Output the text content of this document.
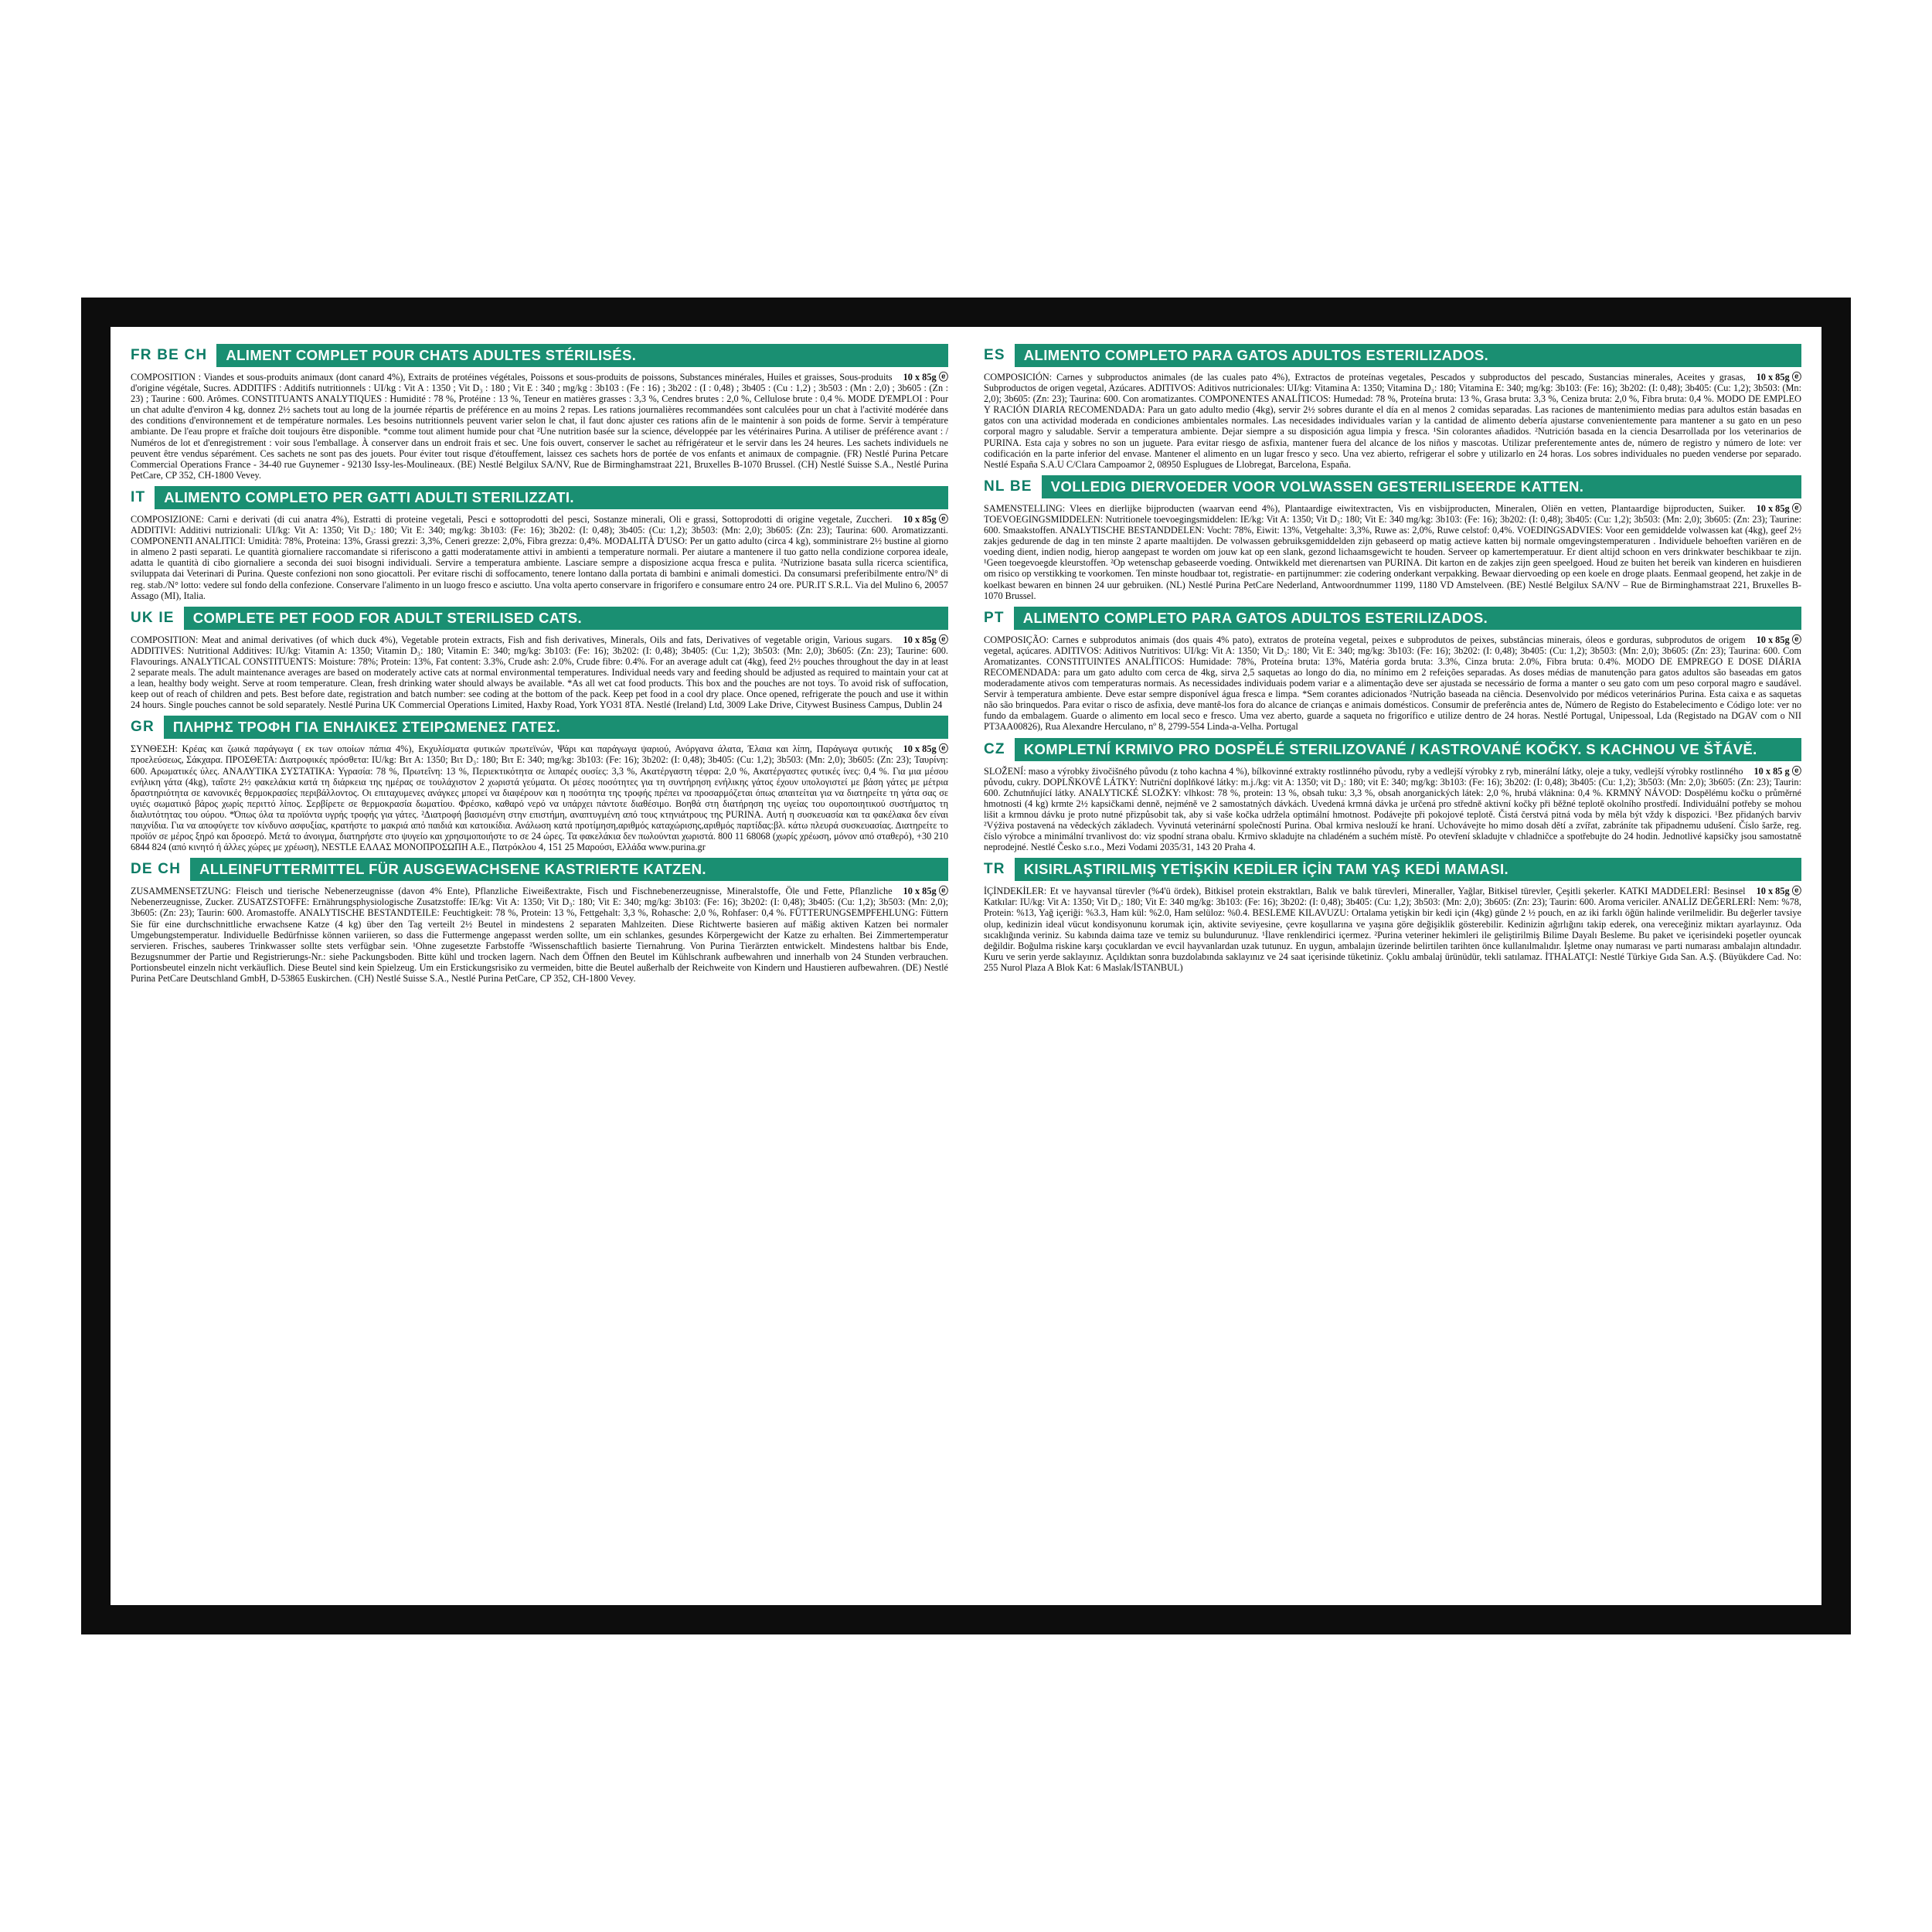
FR BE CH	ALIMENT COMPLET POUR CHATS ADULTES STÉRILISÉS.
10 x 85g ⓔ
COMPOSITION : Viandes et sous-produits animaux (dont canard 4%), Extraits de protéines végétales, Poissons et sous-produits de poissons, Substances minérales, Huiles et graisses, Sous-produits d'origine végétale, Sucres. ADDITIFS : Additifs nutritionnels : UI/kg : Vit A : 1350 ; Vit D₃ : 180 ; Vit E : 340 ; mg/kg : 3b103 : (Fe : 16) ; 3b202 : (I : 0,48) ; 3b405 : (Cu : 1,2) ; 3b503 : (Mn : 2,0) ; 3b605 : (Zn : 23) ; Taurine : 600. Arômes. CONSTITUANTS ANALYTIQUES : Humidité : 78 %, Protéine : 13 %, Teneur en matières grasses : 3,3 %, Cendres brutes : 2,0 %, Cellulose brute : 0,4 %. MODE D'EMPLOI : Pour un chat adulte d'environ 4 kg, donnez 2½ sachets tout au long de la journée répartis de préférence en au moins 2 repas. Les rations journalières recommandées sont calculées pour un chat à l'activité modérée dans des conditions d'environnement et de température normales. Les besoins nutritionnels peuvent varier selon le chat, il faut donc ajuster ces rations afin de le maintenir à son poids de forme. Servir à température ambiante. De l'eau propre et fraîche doit toujours être disponible. *comme tout aliment humide pour chat ²Une nutrition basée sur la science, développée par les vétérinaires Purina. A utiliser de préférence avant : / Numéros de lot et d'enregistrement : voir sous l'emballage. À conserver dans un endroit frais et sec. Une fois ouvert, conserver le sachet au réfrigérateur et le servir dans les 24 heures. Les sachets individuels ne peuvent être vendus séparément. Ces sachets ne sont pas des jouets. Pour éviter tout risque d'étouffement, laissez ces sachets hors de portée de vos enfants et animaux de compagnie. (FR) Nestlé Purina Petcare Commercial Operations France - 34-40 rue Guynemer - 92130 Issy-les-Moulineaux. (BE) Nestlé Belgilux SA/NV, Rue de Birminghamstraat 221, Bruxelles B-1070 Brussel. (CH) Nestlé Suisse S.A., Nestlé Purina PetCare, CP 352, CH-1800 Vevey.
IT	ALIMENTO COMPLETO PER GATTI ADULTI STERILIZZATI.
10 x 85g ⓔ
COMPOSIZIONE: Carni e derivati (di cui anatra 4%), Estratti di proteine vegetali, Pesci e sottoprodotti del pesci, Sostanze minerali, Oli e grassi, Sottoprodotti di origine vegetale, Zuccheri. ADDITIVI: Additivi nutrizionali: UI/kg: Vit A: 1350; Vit D₃: 180; Vit E: 340; mg/kg: 3b103: (Fe: 16); 3b202: (I: 0,48); 3b405: (Cu: 1,2); 3b503: (Mn: 2,0); 3b605: (Zn: 23); Taurina: 600. Aromatizzanti. COMPONENTI ANALITICI: Umidità: 78%, Proteina: 13%, Grassi grezzi: 3,3%, Ceneri grezze: 2,0%, Fibra grezza: 0,4%. MODALITÀ D'USO: Per un gatto adulto (circa 4 kg), somministrare 2½ bustine al giorno in almeno 2 pasti separati. Le quantità giornaliere raccomandate si riferiscono a gatti moderatamente attivi in ambienti a temperature normali. Per aiutare a mantenere il tuo gatto nella condizione corporea ideale, adatta le quantità di cibo giornaliere a seconda dei suoi bisogni individuali. Servire a temperatura ambiente. Lasciare sempre a disposizione acqua fresca e pulita. ²Nutrizione basata sulla ricerca scientifica, sviluppata dai Veterinari di Purina. Queste confezioni non sono giocattoli. Per evitare rischi di soffocamento, tenere lontano dalla portata di bambini e animali domestici. Da consumarsi preferibilmente entro/N° di reg. stab./N° lotto: vedere sul fondo della confezione. Conservare l'alimento in un luogo fresco e asciutto. Una volta aperto conservare in frigorifero e consumare entro 24 ore. PUR.IT S.R.L. Via del Mulino 6, 20057 Assago (MI), Italia.
UK IE	COMPLETE PET FOOD FOR ADULT STERILISED CATS.
10 x 85g ⓔ
COMPOSITION: Meat and animal derivatives (of which duck 4%), Vegetable protein extracts, Fish and fish derivatives, Minerals, Oils and fats, Derivatives of vegetable origin, Various sugars. ADDITIVES: Nutritional Additives: IU/kg: Vitamin A: 1350; Vitamin D₃: 180; Vitamin E: 340; mg/kg: 3b103: (Fe: 16); 3b202: (I: 0,48); 3b405: (Cu: 1,2); 3b503: (Mn: 2,0); 3b605: (Zn: 23); Taurine: 600. Flavourings. ANALYTICAL CONSTITUENTS: Moisture: 78%; Protein: 13%, Fat content: 3.3%, Crude ash: 2.0%, Crude fibre: 0.4%. For an average adult cat (4kg), feed 2½ pouches throughout the day in at least 2 separate meals. The adult maintenance averages are based on moderately active cats at normal environmental temperatures. Individual needs vary and feeding should be adjusted as required to maintain your cat at a lean, healthy body weight. Serve at room temperature. Clean, fresh drinking water should always be available. *As all wet cat food products. This box and the pouches are not toys. To avoid risk of suffocation, keep out of reach of children and pets. Best before date, registration and batch number: see coding at the bottom of the pack. Keep pet food in a cool dry place. Once opened, refrigerate the pouch and use it within 24 hours. Single pouches cannot be sold separately. Nestlé Purina UK Commercial Operations Limited, Haxby Road, York YO31 8TA. Nestlé (Ireland) Ltd, 3009 Lake Drive, Citywest Business Campus, Dublin 24
GR	ΠΛΗΡΗΣ ΤΡΟΦΗ ΓΙΑ ΕΝΗΛΙΚΕΣ ΣΤΕΙΡΩΜΕΝΕΣ ΓΑΤΕΣ.
10 x 85g ⓔ
ΣΥΝΘΕΣΗ: Κρέας και ζωικά παράγωγα ( εκ των οποίων πάπια 4%), Εκχυλίσματα φυτικών πρωτεϊνών, Ψάρι και παράγωγα ψαριού, Ανόργανα άλατα, Έλαια και λίπη, Παράγωγα φυτικής προελεύσεως, Σάκχαρα. ΠΡΟΣΘΕΤΑ: Διατροφικές πρόσθετα: IU/kg: Βιτ Α: 1350; Βιτ D₃: 180; Βιτ Ε: 340; mg/kg: 3b103: (Fe: 16); 3b202: (I: 0,48); 3b405: (Cu: 1,2); 3b503: (Mn: 2,0); 3b605: (Zn: 23); Ταυρίνη: 600. Αρωματικές ύλες. ΑΝΑΛΥΤΙΚΑ ΣΥΣΤΑΤΙΚΑ: Υγρασία: 78 %, Πρωτεΐνη: 13 %, Περιεκτικότητα σε λιπαρές ουσίες: 3,3 %, Ακατέργαστη τέφρα: 2,0 %, Ακατέργαστες φυτικές ίνες: 0,4 %. Για μια μέσου ενήλικη γάτα (4kg), ταΐστε 2½ φακελάκια κατά τη διάρκεια της ημέρας σε τουλάχιστον 2 χωριστά γεύματα. Οι μέσες ποσότητες για τη συντήρηση ενήλικης γάτος έχουν υπολογιστεί με βάση γάτες με μέτρια δραστηριότητα σε κανονικές θερμοκρασίες περιβάλλοντος. Οι επιταχυμενες ανάγκες μπορεί να διαφέρουν και η ποσότητα της τροφής πρέπει να προσαρμόζεται όπως απαιτείται για να διατηρείτε τη γάτα σας σε υγιές σωματικό βάρος χωρίς περιττό λίπος. Σερβίρετε σε θερμοκρασία δωματίου. Φρέσκο, καθαρό νερό να υπάρχει πάντοτε διαθέσιμο. Βοηθά στη διατήρηση της υγείας του ουροποιητικού συστήματος τη διαλυτότητας του ούρου. *Όπως όλα τα προϊόντα υγρής τροφής για γάτες. ²Διατροφή βασισμένη στην επιστήμη, αναπτυγμένη από τους κτηνιάτρους της PURINA. Αυτή η συσκευασία και τα φακέλακα δεν είναι παιχνίδια. Για να αποφύγετε τον κίνδυνο ασφυξίας, κρατήστε το μακριά από παιδιά και κατοικίδια. Ανάλωση κατά προτίμηση,αριθμός καταχώρισης,αριθμός παρτίδας:βλ. κάτω πλευρά συσκευασίας. Διατηρείτε το προϊόν σε μέρος ξηρό και δροσερό. Μετά το άνοιγμα, διατηρήστε στο ψυγείο και χρησιμοποιήστε το σε 24 ώρες. Τα φακελάκια δεν πωλούνται χωριστά. 800 11 68068 (χωρίς χρέωση, μόνον από σταθερό), +30 210 6844 824 (από κινητό ή άλλες χώρες με χρέωση), NESTLE ΕΛΛΑΣ ΜΟΝΟΠΡΟΣΩΠΗ Α.Ε., Πατρόκλου 4, 151 25 Μαρούσι, Ελλάδα www.purina.gr
DE CH	ALLEINFUTTERMITTEL FÜR AUSGEWACHSENE KASTRIERTE KATZEN.
10 x 85g ⓔ
ZUSAMMENSETZUNG: Fleisch und tierische Nebenerzeugnisse (davon 4% Ente), Pflanzliche Eiweißextrakte, Fisch und Fischnebenerzeugnisse, Mineralstoffe, Öle und Fette, Pflanzliche Nebenerzeugnisse, Zucker. ZUSATZSTOFFE: Ernährungsphysiologische Zusatzstoffe: IE/kg: Vit A: 1350; Vit D₃: 180; Vit E: 340; mg/kg: 3b103: (Fe: 16); 3b202: (I: 0,48); 3b405: (Cu: 1,2); 3b503: (Mn: 2,0); 3b605: (Zn: 23); Taurin: 600. Aromastoffe. ANALYTISCHE BESTANDTEILE: Feuchtigkeit: 78 %, Protein: 13 %, Fettgehalt: 3,3 %, Rohasche: 2,0 %, Rohfaser: 0,4 %. FÜTTERUNGSEMPFEHLUNG: Füttern Sie für eine durchschnittliche erwachsene Katze (4 kg) über den Tag verteilt 2½ Beutel in mindestens 2 separaten Mahlzeiten. Diese Richtwerte basieren auf mäßig aktiven Katzen bei normaler Umgebungstemperatur. Individuelle Bedürfnisse können variieren, so dass die Futtermenge angepasst werden sollte, um ein schlankes, gesundes Körpergewicht der Katze zu erhalten. Bei Zimmertemperatur servieren. Frisches, sauberes Trinkwasser sollte stets verfügbar sein. ¹Ohne zugesetzte Farbstoffe ²Wissenschaftlich basierte Tiernahrung. Von Purina Tierärzten entwickelt. Mindestens haltbar bis Ende, Bezugsnummer der Partie und Registrierungs-Nr.: siehe Packungsboden. Bitte kühl und trocken lagern. Nach dem Öffnen den Beutel im Kühlschrank aufbewahren und innerhalb von 24 Stunden verbrauchen. Portionsbeutel einzeln nicht verkäuflich. Diese Beutel sind kein Spielzeug. Um ein Erstickungsrisiko zu vermeiden, bitte die Beutel außerhalb der Reichweite von Kindern und Haustieren aufbewahren. (DE) Nestlé Purina PetCare Deutschland GmbH, D-53865 Euskirchen. (CH) Nestlé Suisse S.A., Nestlé Purina PetCare, CP 352, CH-1800 Vevey.
ES	ALIMENTO COMPLETO PARA GATOS ADULTOS ESTERILIZADOS.
10 x 85g ⓔ
COMPOSICIÓN: Carnes y subproductos animales (de las cuales pato 4%), Extractos de proteínas vegetales, Pescados y subproductos del pescado, Sustancias minerales, Aceites y grasas, Subproductos de origen vegetal, Azúcares. ADITIVOS: Aditivos nutricionales: UI/kg: Vitamina A: 1350; Vitamina D₃: 180; Vitamina E: 340; mg/kg: 3b103: (Fe: 16); 3b202: (I: 0,48); 3b405: (Cu: 1,2); 3b503: (Mn: 2,0); 3b605: (Zn: 23); Taurina: 600. Con aromatizantes. COMPONENTES ANALÍTICOS: Humedad: 78 %, Proteína bruta: 13 %, Grasa bruta: 3,3 %, Ceniza bruta: 2,0 %, Fibra bruta: 0,4 %. MODO DE EMPLEO Y RACIÓN DIARIA RECOMENDADA: Para un gato adulto medio (4kg), servir 2½ sobres durante el día en al menos 2 comidas separadas. Las raciones de mantenimiento medias para adultos están basadas en gatos con una actividad moderada en condiciones ambientales normales. Las necesidades individuales varían y la cantidad de alimento debería ajustarse convenientemente para mantener a su gato en un peso corporal magro y saludable. Servir a temperatura ambiente. Dejar siempre a su disposición agua limpia y fresca. ¹Sin colorantes añadidos. ²Nutrición basada en la ciencia Desarrollada por los veterinarios de PURINA. Esta caja y sobres no son un juguete. Para evitar riesgo de asfixia, mantener fuera del alcance de los niños y mascotas. Utilizar preferentemente antes de, número de registro y número de lote: ver codificación en la parte inferior del envase. Mantener el alimento en un lugar fresco y seco. Una vez abierto, refrigerar el sobre y utilizarlo en 24 horas. Los sobres individuales no pueden venderse por separado. Nestlé España S.A.U C/Clara Campoamor 2, 08950 Esplugues de Llobregat, Barcelona, España.
NL BE	VOLLEDIG DIERVOEDER VOOR VOLWASSEN GESTERILISEERDE KATTEN.
10 x 85g ⓔ
SAMENSTELLING: Vlees en dierlijke bijproducten (waarvan eend 4%), Plantaardige eiwitextracten, Vis en visbijproducten, Mineralen, Oliën en vetten, Plantaardige bijproducten, Suiker. TOEVOEGINGSMIDDELEN: Nutritionele toevoegingsmiddelen: IE/kg: Vit A: 1350; Vit D₃: 180; Vit E: 340 mg/kg: 3b103: (Fe: 16); 3b202: (I: 0,48); 3b405: (Cu: 1,2); 3b503: (Mn: 2,0); 3b605: (Zn: 23); Taurine: 600. Smaakstoffen. ANALYTISCHE BESTANDDELEN: Vocht: 78%, Eiwit: 13%, Vetgehalte: 3,3%, Ruwe as: 2,0%, Ruwe celstof: 0,4%. VOEDINGSADVIES: Voor een gemiddelde volwassen kat (4kg), geef 2½ zakjes gedurende de dag in ten minste 2 aparte maaltijden. De volwassen gebruiksgemiddelden zijn gebaseerd op matig actieve katten bij normale omgevingstemperaturen . Individuele behoeften variëren en de voeding dient, indien nodig, hierop aangepast te worden om jouw kat op een slank, gezond lichaamsgewicht te houden. Serveer op kamertemperatuur. Er dient altijd schoon en vers drinkwater beschikbaar te zijn. ¹Geen toegevoegde kleurstoffen. ²Op wetenschap gebaseerde voeding. Ontwikkeld met dierenartsen van PURINA. Dit karton en de zakjes zijn geen speelgoed. Houd ze buiten het bereik van kinderen en huisdieren om risico op verstikking te voorkomen. Ten minste houdbaar tot, registratie- en partijnummer: zie codering onderkant verpakking. Bewaar diervoeding op een koele en droge plaats. Eenmaal geopend, het zakje in de koelkast bewaren en binnen 24 uur gebruiken. (NL) Nestlé Purina PetCare Nederland, Antwoordnummer 1199, 1180 VD Amstelveen. (BE) Nestlé Belgilux SA/NV – Rue de Birminghamstraat 221, Bruxelles B-1070 Brussel.
PT	ALIMENTO COMPLETO PARA GATOS ADULTOS ESTERILIZADOS.
10 x 85g ⓔ
COMPOSIÇÃO: Carnes e subprodutos animais (dos quais 4% pato), extratos de proteína vegetal, peixes e subprodutos de peixes, substâncias minerais, óleos e gorduras, subprodutos de origem vegetal, açúcares. ADITIVOS: Aditivos Nutritivos: UI/kg: Vit A: 1350; Vit D₃: 180; Vit E: 340; mg/kg: 3b103: (Fe: 16); 3b202: (I: 0,48); 3b405: (Cu: 1,2); 3b503: (Mn: 2,0); 3b605: (Zn: 23); Taurina: 600. Com Aromatizantes. CONSTITUINTES ANALÍTICOS: Humidade: 78%, Proteína bruta: 13%, Matéria gorda bruta: 3.3%, Cinza bruta: 2.0%, Fibra bruta: 0.4%. MODO DE EMPREGO E DOSE DIÁRIA RECOMENDADA: para um gato adulto com cerca de 4kg, sirva 2,5 saquetas ao longo do dia, no mínimo em 2 refeições separadas. As doses médias de manutenção para gatos adultos são baseadas em gatos moderadamente ativos com temperaturas normais. As necessidades individuais podem variar e a alimentação deve ser ajustada se necessário de forma a manter o seu gato com um peso corporal magro e saudável. Servir à temperatura ambiente. Deve estar sempre disponível água fresca e limpa. *Sem corantes adicionados ²Nutrição baseada na ciência. Desenvolvido por médicos veterinários Purina. Esta caixa e as saquetas não são brinquedos. Para evitar o risco de asfixia, deve mantê-los fora do alcance de crianças e animais domésticos. Consumir de preferência antes de, Número de Registo do Estabelecimento e Código lote: ver no fundo da embalagem. Guarde o alimento em local seco e fresco. Uma vez aberto, guarde a saqueta no frigorífico e utilize dentro de 24 horas. Nestlé Portugal, Unipessoal, Lda (Registado na DGAV com o NII PT3AA00826), Rua Alexandre Herculano, nº 8, 2799-554 Linda-a-Velha. Portugal
CZ	KOMPLETNÍ KRMIVO PRO DOSPĚLÉ STERILIZOVANÉ / KASTROVANÉ KOČKY. S KACHNOU VE ŠŤÁVĚ.
10 x 85 g ⓔ
SLOŽENÍ: maso a výrobky živočišného původu (z toho kachna 4 %), bílkovinné extrakty rostlinného původu, ryby a vedlejší výrobky z ryb, minerální látky, oleje a tuky, vedlejší výrobky rostlinného původu, cukry. DOPLŇKOVÉ LÁTKY: Nutriční doplňkové látky: m.j./kg: vit A: 1350; vit D₃: 180; vit E: 340; mg/kg: 3b103: (Fe: 16); 3b202: (I: 0,48); 3b405: (Cu: 1,2); 3b503: (Mn: 2,0); 3b605: (Zn: 23); Taurin: 600. Zchutnňující látky. ANALYTICKÉ SLOŽKY: vlhkost: 78 %, protein: 13 %, obsah tuku: 3,3 %, obsah anorganických látek: 2,0 %, hrubá vláknina: 0,4 %. KRMNÝ NÁVOD: Dospělému kočku o průměrné hmotnosti (4 kg) krmte 2½ kapsičkami denně, nejméně ve 2 samostatných dávkách. Uvedená krmná dávka je určená pro středně aktivní kočky při běžné teplotě okolního prostředí. Individuální potřeby se mohou lišit a krmnou dávku je proto nutné přizpůsobit tak, aby si vaše kočka udržela optimální hmotnost. Podávejte při pokojové teplotě. Čistá čerstvá pitná voda by měla být vždy k dispozici. ¹Bez přidaných barviv ²Výživa postavená na vědeckých základech. Vyvinutá veterinární společností Purina. Obal krmiva neslouží ke hraní. Uchovávejte ho mimo dosah dětí a zvířat, zabráníte tak připadnemu udušení. Číslo šarže, reg. číslo výrobce a minimální trvanlivost do: viz spodní strana obalu. Krmivo skladujte na chladéném a suchém místě. Po otevření skladujte v chladničce a spotřebujte do 24 hodin. Jednotlivé kapsičky jsou samostatně neprodejné. Nestlé Česko s.r.o., Mezi Vodami 2035/31, 143 20 Praha 4.
TR	KISIRLAŞTIRILMIŞ YETİŞKİN KEDİLER İÇİN TAM YAŞ KEDİ MAMASI.
10 x 85g ⓔ
İÇİNDEKİLER: Et ve hayvansal türevler (%4'ü ördek), Bitkisel protein ekstraktları, Balık ve balık türevleri, Mineraller, Yağlar, Bitkisel türevler, Çeşitli şekerler. KATKI MADDELERİ: Besinsel Katkılar: IU/kg: Vit A: 1350; Vit D₃: 180; Vit E: 340 mg/kg: 3b103: (Fe: 16); 3b202: (I: 0,48); 3b405: (Cu: 1,2); 3b503: (Mn: 2,0); 3b605: (Zn: 23); Taurin: 600. Aroma vericiler. ANALİZ DEĞERLERİ: Nem: %78, Protein: %13, Yağ içeriği: %3.3, Ham kül: %2.0, Ham selüloz: %0.4. BESLEME KILAVUZU: Ortalama yetişkin bir kedi için (4kg) günde 2 ½ pouch, en az iki farklı öğün halinde verilmelidir. Bu değerler tavsiye olup, kedinizin ideal vücut kondisyonunu korumak için, aktivite seviyesine, çevre koşullarına ve yaşına göre değişiklik gösterebilir. Kedinizin ağırlığını takip ederek, ona vereceğiniz miktarı ayarlayınız. Oda sıcaklığında veriniz. Su kabında daima taze ve temiz su bulundurunuz. ¹İlave renklendirici içermez. ²Purina veteriner hekimleri ile geliştirilmiş Bilime Dayalı Besleme. Bu paket ve içerisindeki poşetler oyuncak değildir. Boğulma riskine karşı çocuklardan ve evcil hayvanlardan uzak tutunuz. En uygun, ambalajın üzerinde belirtilen tarihten önce kullanılmalıdır. İşletme onay numarası ve parti numarası ambalajın altındadır. Kuru ve serin yerde saklayınız. Açıldıktan sonra buzdolabında saklayınız ve 24 saat içerisinde tüketiniz. Çoklu ambalaj ürünüdür, tekli satılamaz. İTHALATÇI: Nestlé Türkiye Gıda San. A.Ş. (Büyükdere Cad. No: 255 Nurol Plaza A Blok Kat: 6 Maslak/İSTANBUL)
